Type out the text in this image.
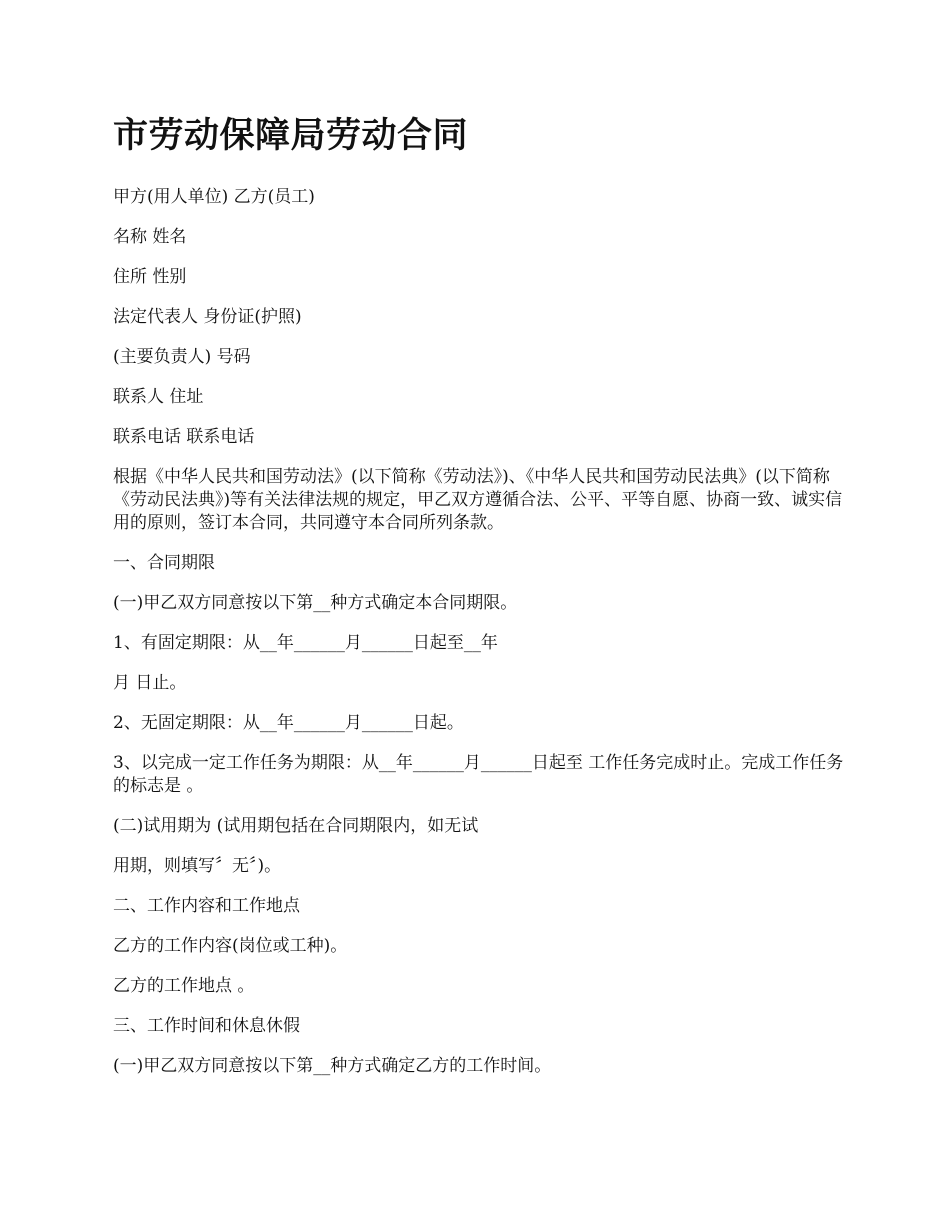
市劳动保障局劳动合同

甲方(用人单位) 乙方(员工)

名称 姓名

住所 性别

法定代表人 身份证(护照)

(主要负责人) 号码

联系人 住址

联系电话 联系电话

根据《中华人民共和国劳动法》(以下简称《劳动法》)、《中华人民共和国劳动民法典》(以下简称《劳动民法典》)等有关法律法规的规定，甲乙双方遵循合法、公平、平等自愿、协商一致、诚实信用的原则，签订本合同，共同遵守本合同所列条款。

一、合同期限

(一)甲乙双方同意按以下第__种方式确定本合同期限。

1、有固定期限：从__年______月______日起至__年

月 日止。

2、无固定期限：从__年______月______日起。

3、以完成一定工作任务为期限：从__年______月______日起至 工作任务完成时止。完成工作任务的标志是 。

(二)试用期为 (试用期包括在合同期限内，如无试

用期，则填写〞无〞)。

二、工作内容和工作地点

乙方的工作内容(岗位或工种)。

乙方的工作地点 。

三、工作时间和休息休假

(一)甲乙双方同意按以下第__种方式确定乙方的工作时间。
